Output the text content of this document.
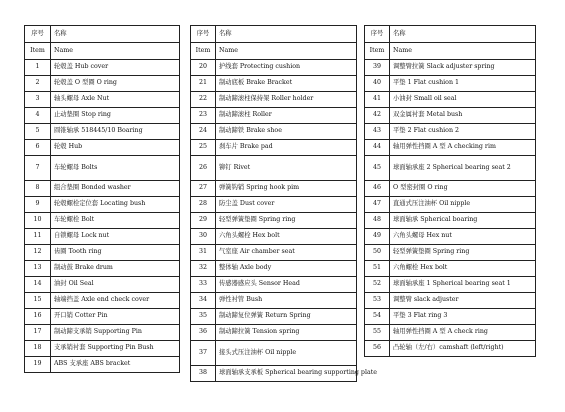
序号	名称
Item	Name
1	轮毂盖 Hub cover
2	轮毂盖 O 型圈 O ring
3	轴头螺母 Axle Nut
4	止动垫圈 Stop ring
5	圆锥轴承 518445/10 Boaring
6	轮毂 Hub
7	车轮螺母 Bolts
8	组合垫圈 Bonded washer
9	轮毂螺栓定位套 Locating bush
10	车轮螺栓 Bolt
11	自锁螺母 Lock nut
12	齿圈 Tooth ring
13	制动鼓 Brake drum
14	油封 Oil Seal
15	轴端挡盖 Axle end check cover
16	开口销 Cotter Pin
17	制动蹄支承销 Supporting Pin
18	支承销衬套 Supporting Pin Bush
19	ABS 支承座 ABS bracket
序号	名称
Item	Name
20	护线套 Protecting cushion
21	制动底板 Brake Bracket
22	制动蹄滚柱保持架 Roller holder
23	制动蹄滚柱 Roller
24	制动蹄铁 Brake shoe
25	刹车片 Brake pad
26	铆钉 Rivet
27	弹簧钩销 Spring hook pim
28	防尘盖 Dust cover
29	轻型弹簧垫圈 Spring ring
30	六角头螺栓 Hex bolt
31	气室座 Air chamber seat
32	整体轴 Axle body
33	传感器感应头 Sensor Head
34	弹性衬管 Bush
35	制动蹄复位弹簧 Return Spring
36	制动蹄拉簧 Tension spring
37	接头式压注油杯 Oil nipple
38	球面轴承支承板 Spherical bearing supporting plate
序号	名称
Item	Name
39	调整臂拉簧 Slack adjuster spring
40	平垫 1 Flat cushion 1
41	小油封 Small oil seal
42	双金属衬套 Metal bush
43	平垫 2 Flat cushion 2
44	轴用弹性挡圈 A 型 A checking rim
45	球面轴承座 2 Spherical bearing seat 2
46	O 型密封圈 O ring
47	直通式压注油杯 Oil nipple
48	球面轴承 Spherical boaring
49	六角头螺母 Hex nut
50	轻型弹簧垫圈 Spring ring
51	六角螺栓 Hex bolt
52	球面轴承座 1 Spherical bearing seat 1
53	调整臂 slack adjuster
54	平垫 3 Flat ring 3
55	轴用弹性挡圈 A 型 A check ring
56	凸轮轴（左/右）camshaft (left/right)
